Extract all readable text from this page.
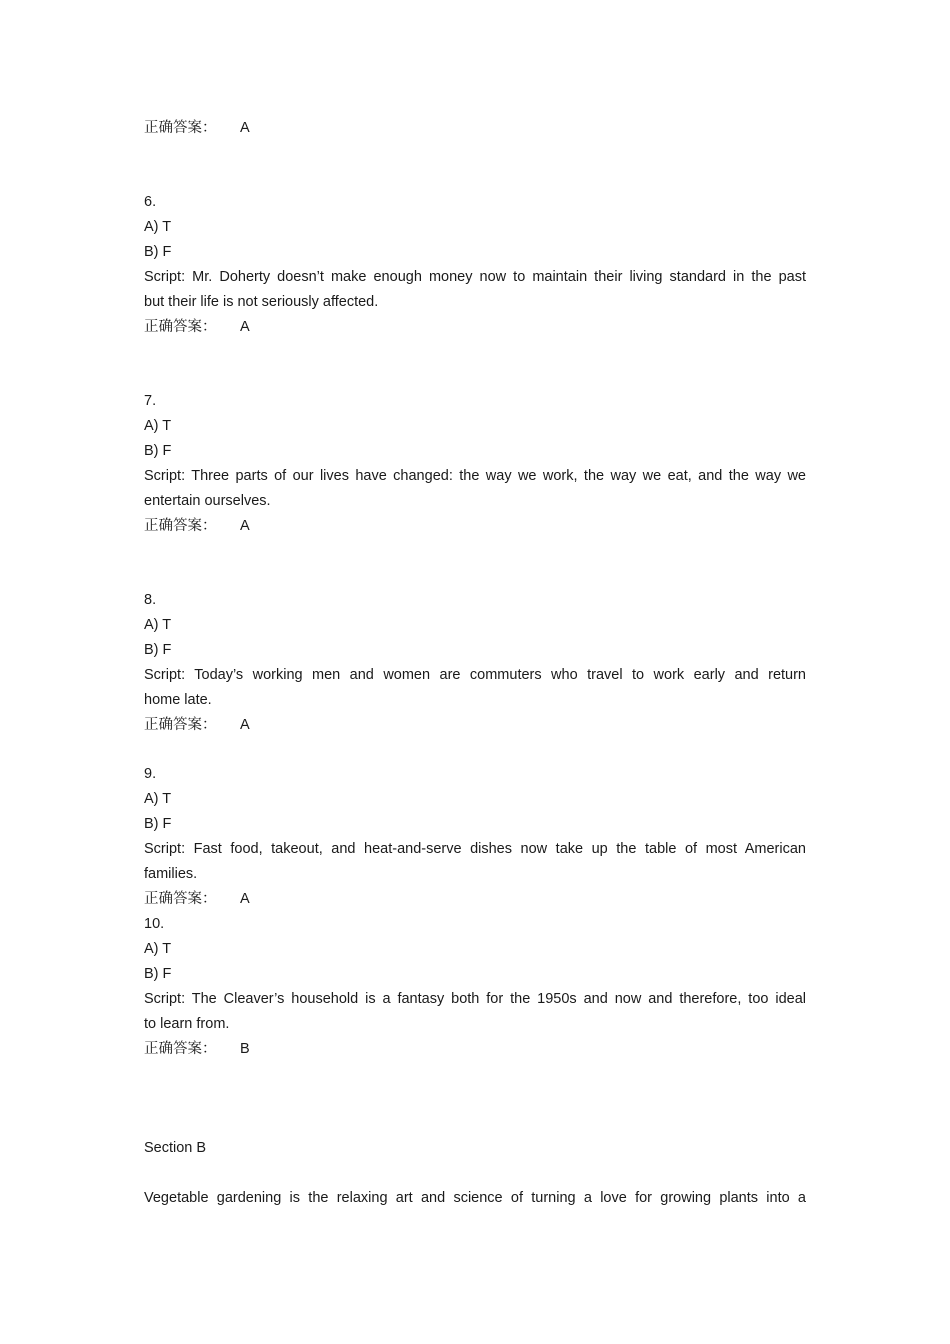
正确答案： A
6.
A) T
B) F
Script: Mr. Doherty doesn’t make enough money now to maintain their living standard in the past
but their life is not seriously affected.
正确答案： A
7.
A) T
B) F
Script: Three parts of our lives have changed: the way we work, the way we eat, and the way we
entertain ourselves.
正确答案： A
8.
A) T
B) F
Script: Today’s working men and women are commuters who travel to work early and return
home late.
正确答案： A
9.
A) T
B) F
Script: Fast food, takeout, and heat-and-serve dishes now take up the table of most American
families.
正确答案： A
10.
A) T
B) F
Script: The Cleaver’s household is a fantasy both for the 1950s and now and therefore, too ideal
to learn from.
正确答案： B
Section B
Vegetable gardening is the relaxing art and science of turning a love for growing plants into a
